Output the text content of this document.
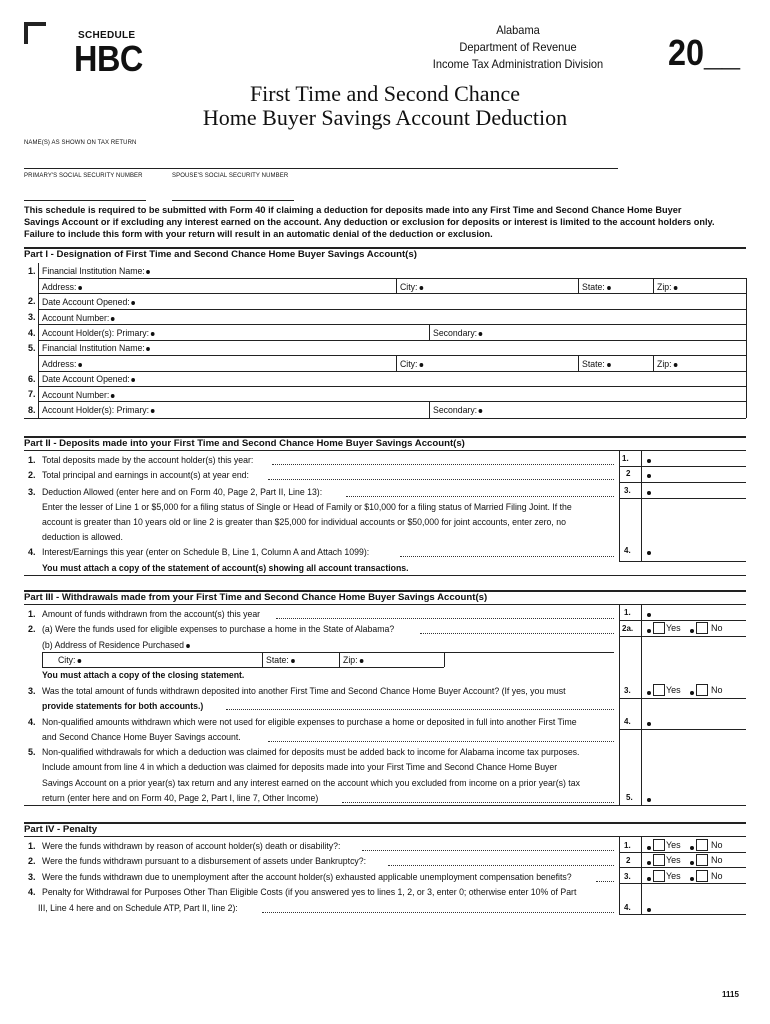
SCHEDULE
HBC
Alabama
Department of Revenue
Income Tax Administration Division	20__
First Time and Second Chance
Home Buyer Savings Account Deduction
NAME(S) AS SHOWN ON TAX RETURN
PRIMARY'S SOCIAL SECURITY NUMBER	SPOUSE'S SOCIAL SECURITY NUMBER
This schedule is required to be submitted with Form 40 if claiming a deduction for deposits made into any First Time and Second Chance Home Buyer Savings Account or if excluding any interest earned on the account. Any deduction or exclusion for deposits or interest is limited to the account holders only. Failure to include this form with your return will result in an automatic denial of the deduction or exclusion.
Part I - Designation of First Time and Second Chance Home Buyer Savings Account(s)
1. Financial Institution Name:
Address:	City:	State:	Zip:
2. Date Account Opened:
3. Account Number:
4. Account Holder(s): Primary:	Secondary:
5. Financial Institution Name:
Address:	City:	State:	Zip:
6. Date Account Opened:
7. Account Number:
8. Account Holder(s): Primary:	Secondary:
Part II - Deposits made into your First Time and Second Chance Home Buyer Savings Account(s)
1. Total deposits made by the account holder(s) this year:	1.
2. Total principal and earnings in account(s) at year end:	2
3. Deduction Allowed (enter here and on Form 40, Page 2, Part II, Line 13):	3.
Enter the lesser of Line 1 or $5,000 for a filing status of Single or Head of Family or $10,000 for a filing status of Married Filing Joint. If the
account is greater than 10 years old or line 2 is greater than $25,000 for individual accounts or $50,000 for joint accounts, enter zero, no
deduction is allowed.
4. Interest/Earnings this year (enter on Schedule B, Line 1, Column A and Attach 1099):	4.
You must attach a copy of the statement of account(s) showing all account transactions.
Part III - Withdrawals made from your First Time and Second Chance Home Buyer Savings Account(s)
1. Amount of funds withdrawn from the account(s) this year	1.
2. (a) Were the funds used for eligible expenses to purchase a home in the State of Alabama?	2a.	Yes	No
(b) Address of Residence Purchased
City:	State:	Zip:
You must attach a copy of the closing statement.
3. Was the total amount of funds withdrawn deposited into another First Time and Second Chance Home Buyer Account? (If yes, you must	3.	Yes	No
provide statements for both accounts.)
4. Non-qualified amounts withdrawn which were not used for eligible expenses to purchase a home or deposited in full into another First Time
and Second Chance Home Buyer Savings account.
4.
5. Non-qualified withdrawals for which a deduction was claimed for deposits must be added back to income for Alabama income tax purposes.
Include amount from line 4 in which a deduction was claimed for deposits made into your First Time and Second Chance Home Buyer
Savings Account on a prior year(s) tax return and any interest earned on the account which you excluded from income on a prior year(s) tax
return (enter here and on Form 40, Page 2, Part I, line 7, Other Income)	5.
Part IV - Penalty
1. Were the funds withdrawn by reason of account holder(s) death or disability?:	1.	Yes	No
2. Were the funds withdrawn pursuant to a disbursement of assets under Bankruptcy?:	2	Yes	No
3. Were the funds withdrawn due to unemployment after the account holder(s) exhausted applicable unemployment compensation benefits?	3.	Yes	No
4. Penalty for Withdrawal for Purposes Other Than Eligible Costs (if you answered yes to lines 1, 2, or 3, enter 0; otherwise enter 10% of Part
III, Line 4 here and on Schedule ATP, Part II, line 2):	4.
1115
